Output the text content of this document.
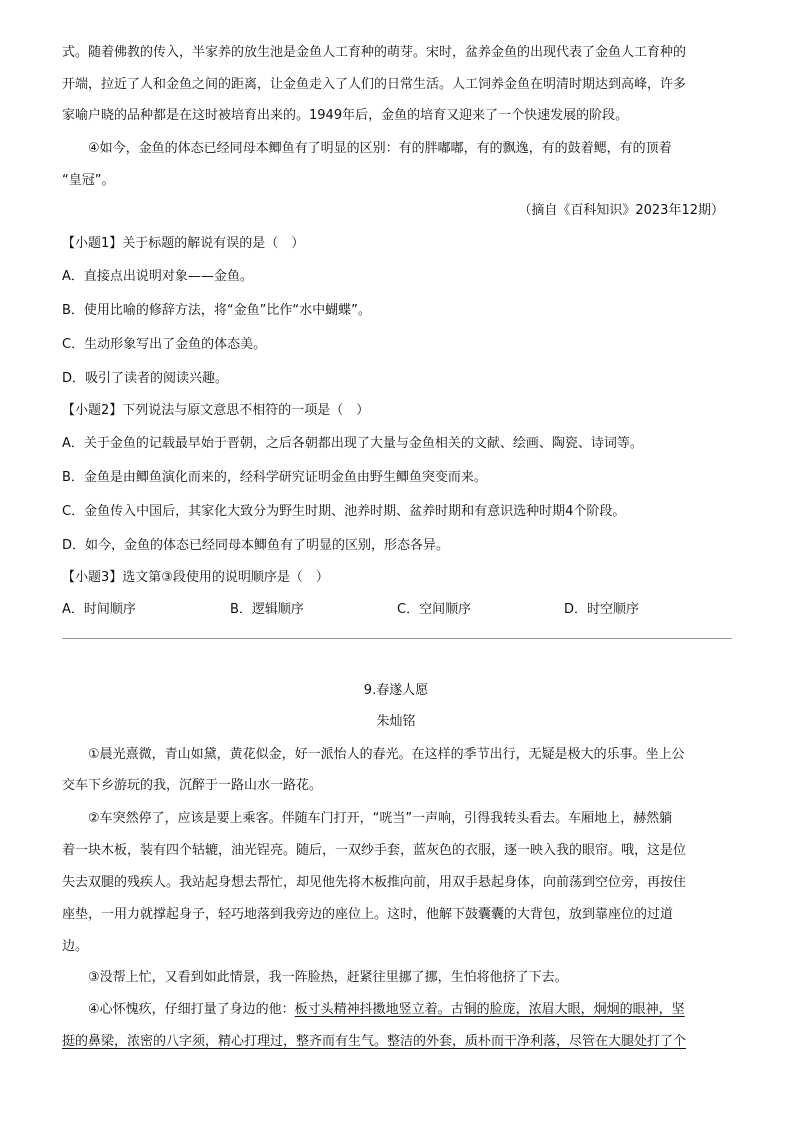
式。随着佛教的传入，半家养的放生池是金鱼人工育种的萌芽。宋时，盆养金鱼的出现代表了金鱼人工育种的
开端，拉近了人和金鱼之间的距离，让金鱼走入了人们的日常生活。人工饲养金鱼在明清时期达到高峰，许多
家喻户晓的品种都是在这时被培育出来的。1949年后，金鱼的培育又迎来了一个快速发展的阶段。
④如今，金鱼的体态已经同母本鲫鱼有了明显的区别：有的胖嘟嘟，有的飘逸，有的鼓着鳃，有的顶着
“皇冠”。
（摘自《百科知识》2023年12期）
【小题1】关于标题的解说有误的是（　）
A．直接点出说明对象——金鱼。
B．使用比喻的修辞方法，将“金鱼”比作“水中蝴蝶”。
C．生动形象写出了金鱼的体态美。
D．吸引了读者的阅读兴趣。
【小题2】下列说法与原文意思不相符的一项是（　）
A．关于金鱼的记载最早始于晋朝，之后各朝都出现了大量与金鱼相关的文献、绘画、陶瓷、诗词等。
B．金鱼是由鲫鱼演化而来的，经科学研究证明金鱼由野生鲫鱼突变而来。
C．金鱼传入中国后，其家化大致分为野生时期、池养时期、盆养时期和有意识选种时期4个阶段。
D．如今，金鱼的体态已经同母本鲫鱼有了明显的区别，形态各异。
【小题3】选文第③段使用的说明顺序是（　）
A．时间顺序	B．逻辑顺序	C．空间顺序	D．时空顺序
9.春遂人愿
朱灿铭
①晨光熹微，青山如黛，黄花似金，好一派怡人的春光。在这样的季节出行，无疑是极大的乐事。坐上公
交车下乡游玩的我，沉醉于一路山水一路花。
②车突然停了，应该是要上乘客。伴随车门打开，“咣当”一声响，引得我转头看去。车厢地上，赫然躺
着一块木板，装有四个轱辘，油光锃亮。随后，一双纱手套，蓝灰色的衣服，逐一映入我的眼帘。哦，这是位
失去双腿的残疾人。我站起身想去帮忙，却见他先将木板推向前，用双手悬起身体，向前荡到空位旁，再按住
座垫，一用力就撑起身子，轻巧地落到我旁边的座位上。这时，他解下鼓囊囊的大背包，放到靠座位的过道
边。
③没帮上忙，又看到如此情景，我一阵脸热，赶紧往里挪了挪，生怕将他挤了下去。
④心怀愧疚，仔细打量了身边的他：板寸头精神抖擞地竖立着。古铜的脸庞，浓眉大眼，炯炯的眼神，坚
挺的鼻梁，浓密的八字须，精心打理过，整齐而有生气。整洁的外套，质朴而干净利落，尽管在大腿处打了个
